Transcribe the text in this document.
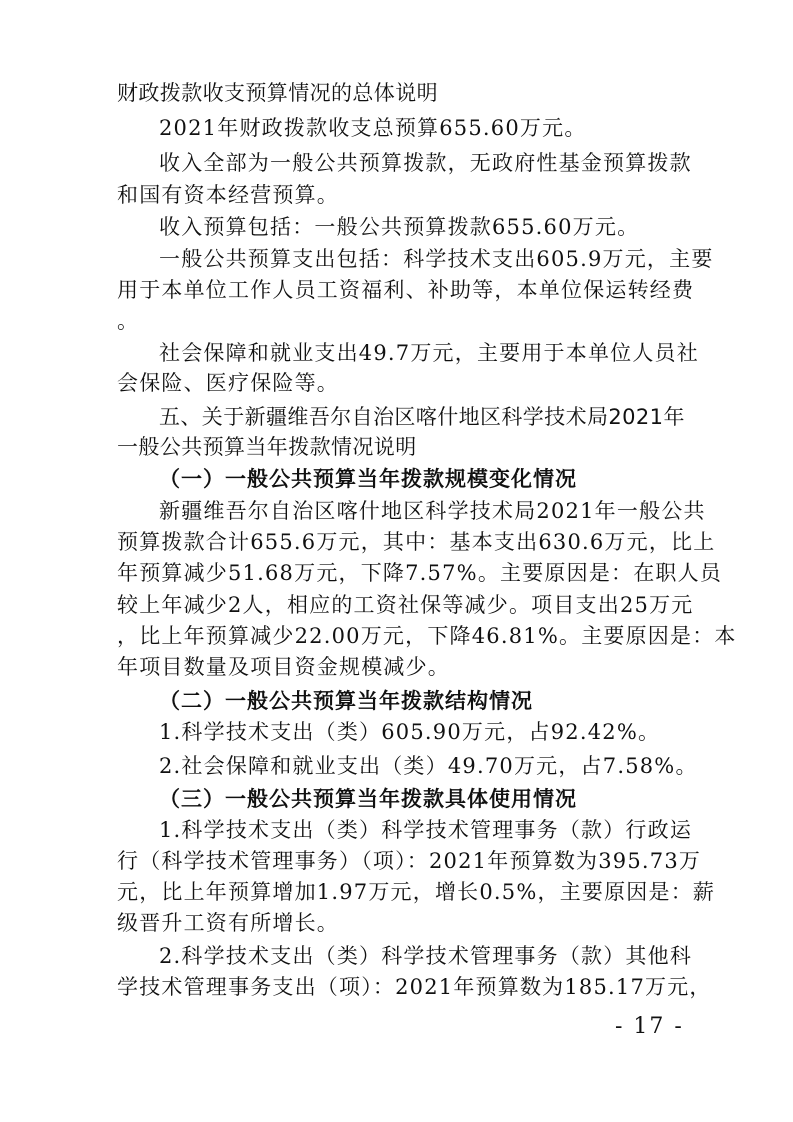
财政拨款收支预算情况的总体说明
2021年财政拨款收支总预算655.60万元。
收入全部为一般公共预算拨款，无政府性基金预算拨款
和国有资本经营预算。
收入预算包括：一般公共预算拨款655.60万元。
一般公共预算支出包括：科学技术支出605.9万元，主要
用于本单位工作人员工资福利、补助等，本单位保运转经费
。
社会保障和就业支出49.7万元，主要用于本单位人员社
会保险、医疗保险等。
五、关于新疆维吾尔自治区喀什地区科学技术局2021年
一般公共预算当年拨款情况说明
（一）一般公共预算当年拨款规模变化情况
新疆维吾尔自治区喀什地区科学技术局2021年一般公共
预算拨款合计655.6万元，其中：基本支出630.6万元，比上
年预算减少51.68万元，下降7.57%。主要原因是：在职人员
较上年减少2人，相应的工资社保等减少。项目支出25万元
，比上年预算减少22.00万元，下降46.81%。主要原因是：本
年项目数量及项目资金规模减少。
（二）一般公共预算当年拨款结构情况
1.科学技术支出（类）605.90万元，占92.42%。
2.社会保障和就业支出（类）49.70万元，占7.58%。
（三）一般公共预算当年拨款具体使用情况
1.科学技术支出（类）科学技术管理事务（款）行政运
行（科学技术管理事务）（项）：2021年预算数为395.73万
元，比上年预算增加1.97万元，增长0.5%，主要原因是：薪
级晋升工资有所增长。
2.科学技术支出（类）科学技术管理事务（款）其他科
学技术管理事务支出（项）：2021年预算数为185.17万元，
- 17 -
